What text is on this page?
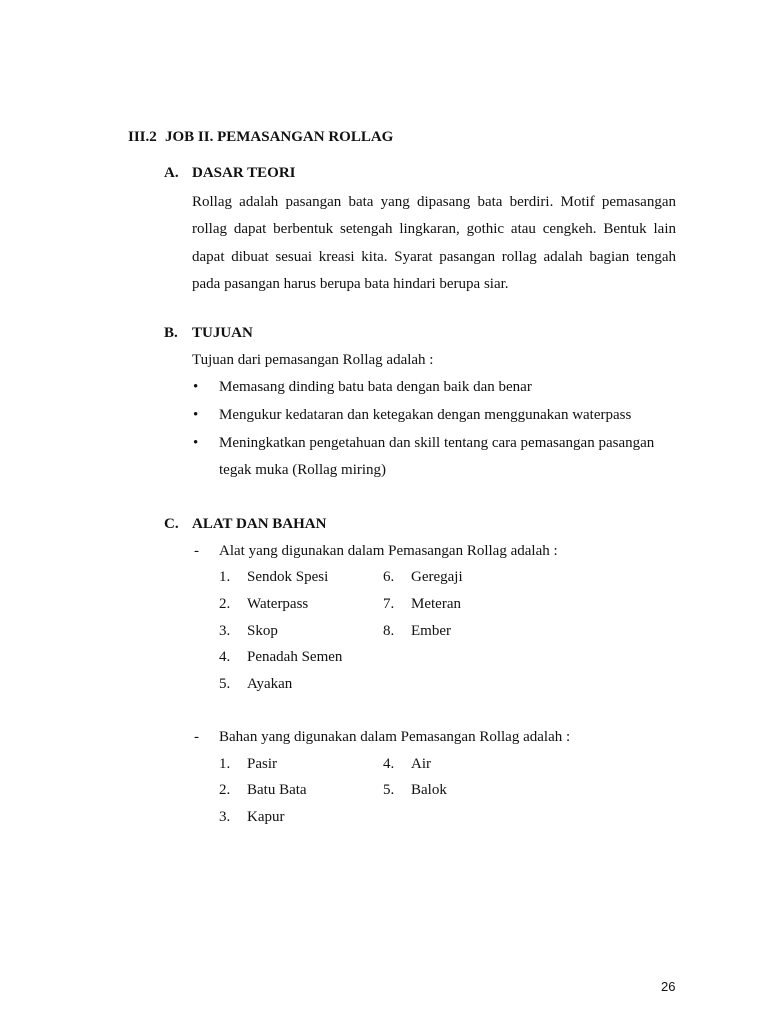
III.2 JOB II. PEMASANGAN ROLLAG
A. DASAR TEORI
Rollag adalah pasangan bata yang dipasang bata berdiri. Motif pemasangan
rollag dapat berbentuk setengah lingkaran, gothic atau cengkeh. Bentuk lain
dapat dibuat sesuai kreasi kita. Syarat pasangan rollag adalah bagian tengah
pada pasangan harus berupa bata hindari berupa siar.
B. TUJUAN
Tujuan dari pemasangan Rollag adalah :
• Memasang dinding batu bata dengan baik dan benar
• Mengukur kedataran dan ketegakan dengan menggunakan waterpass
• Meningkatkan pengetahuan dan skill tentang cara pemasangan pasangan
tegak muka (Rollag miring)
C. ALAT DAN BAHAN
- Alat yang digunakan dalam Pemasangan Rollag adalah :
1. Sendok Spesi
2. Waterpass
3. Skop
4. Penadah Semen
5. Ayakan
6. Geregaji
7. Meteran
8. Ember
- Bahan yang digunakan dalam Pemasangan Rollag adalah :
1. Pasir
2. Batu Bata
3. Kapur
4. Air
5. Balok
26
